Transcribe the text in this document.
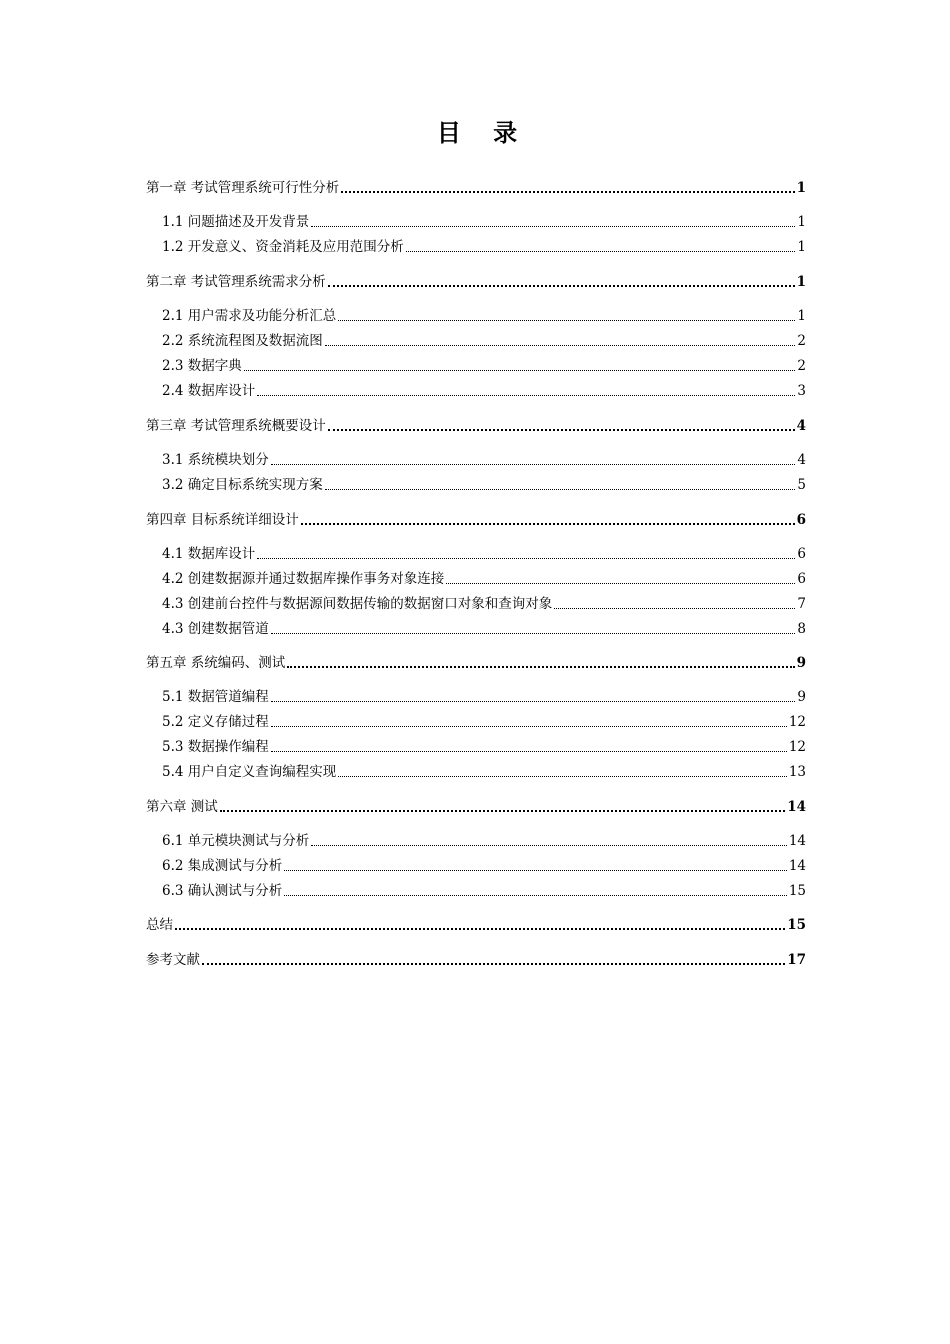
目 录
第一章 考试管理系统可行性分析	1
1.1 问题描述及开发背景	1
1.2 开发意义、资金消耗及应用范围分析	1
第二章 考试管理系统需求分析	1
2.1 用户需求及功能分析汇总	1
2.2 系统流程图及数据流图	2
2.3 数据字典	2
2.4 数据库设计	3
第三章 考试管理系统概要设计	4
3.1 系统模块划分	4
3.2 确定目标系统实现方案	5
第四章 目标系统详细设计	6
4.1 数据库设计	6
4.2 创建数据源并通过数据库操作事务对象连接	6
4.3 创建前台控件与数据源间数据传输的数据窗口对象和查询对象	7
4.3 创建数据管道	8
第五章 系统编码、测试	9
5.1 数据管道编程	9
5.2 定义存储过程	12
5.3 数据操作编程	12
5.4 用户自定义查询编程实现	13
第六章 测试	14
6.1 单元模块测试与分析	14
6.2 集成测试与分析	14
6.3 确认测试与分析	15
总结	15
参考文献	17
